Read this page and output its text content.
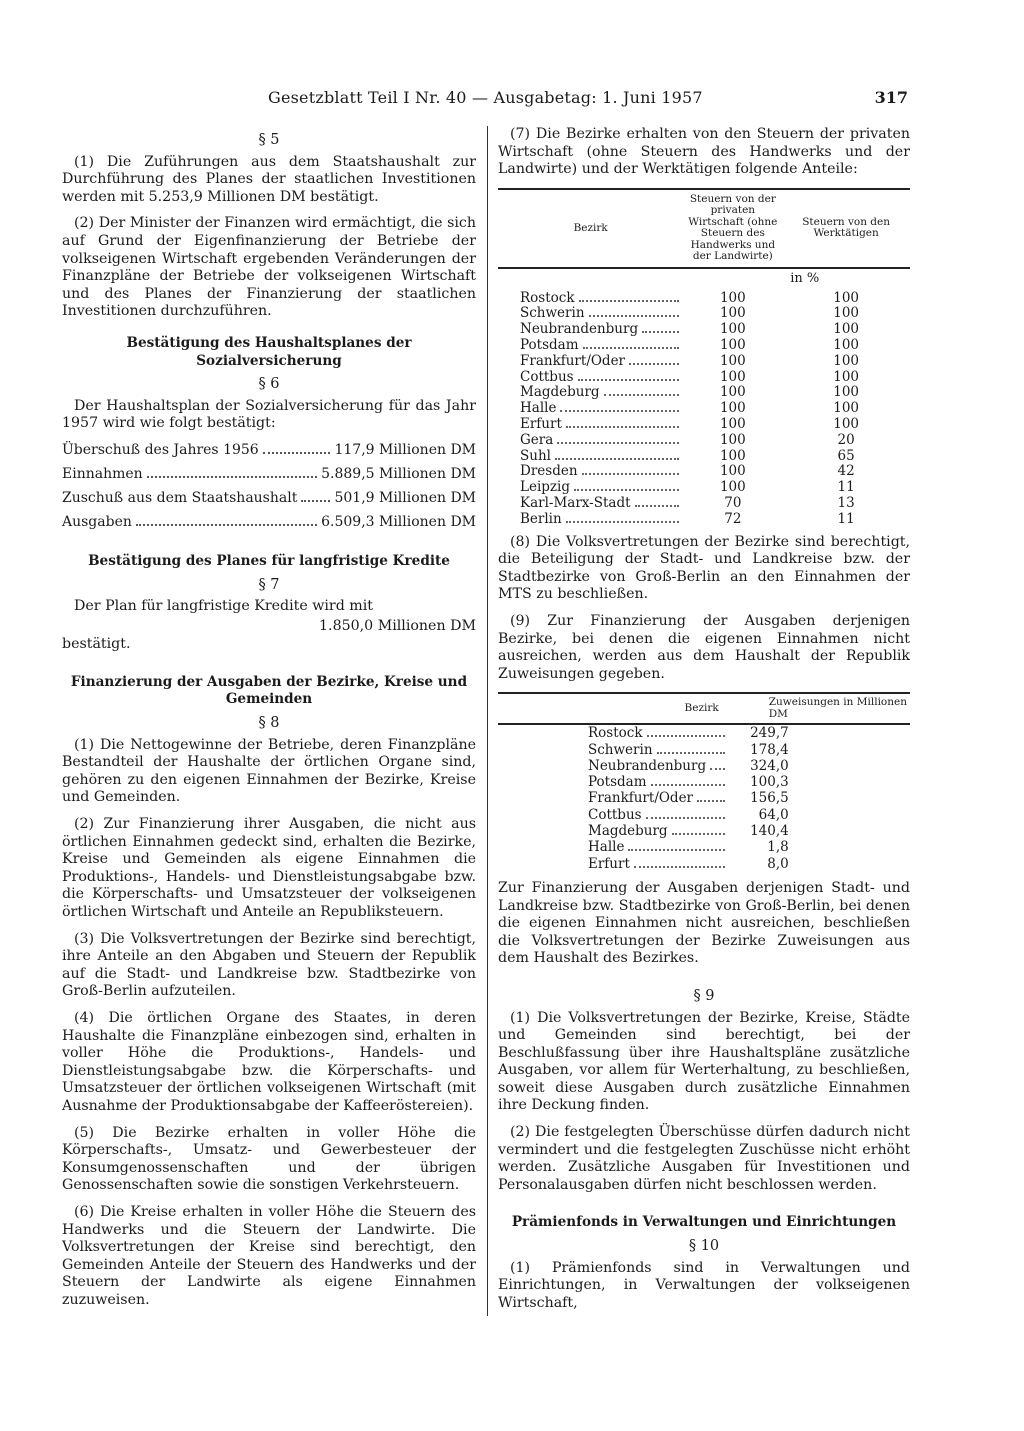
Gesetzblatt Teil I Nr. 40 — Ausgabetag: 1. Juni 1957	317
§ 5

(1) Die Zuführungen aus dem Staatshaushalt zur Durchführung des Planes der staatlichen Investitionen werden mit 5.253,9 Millionen DM bestätigt.

(2) Der Minister der Finanzen wird ermächtigt, die sich auf Grund der Eigenfinanzierung der Betriebe der volkseigenen Wirtschaft ergebenden Veränderungen der Finanzpläne der Betriebe der volkseigenen Wirtschaft und des Planes der Finanzierung der staatlichen Investitionen durchzuführen.

Bestätigung des Haushaltsplanes der Sozialversicherung
§ 6

Der Haushaltsplan der Sozialversicherung für das Jahr 1957 wird wie folgt bestätigt:

Überschuß des Jahres 1956	117,9 Millionen DM
Einnahmen	5.889,5 Millionen DM
Zuschuß aus dem Staatshaushalt	501,9 Millionen DM
Ausgaben	6.509,3 Millionen DM
Bestätigung des Planes für langfristige Kredite
§ 7

Der Plan für langfristige Kredite wird mit

1.850,0 Millionen DM

bestätigt.

Finanzierung der Ausgaben der Bezirke, Kreise und Gemeinden
§ 8

(1) Die Nettogewinne der Betriebe, deren Finanzpläne Bestandteil der Haushalte der örtlichen Organe sind, gehören zu den eigenen Einnahmen der Bezirke, Kreise und Gemeinden.

(2) Zur Finanzierung ihrer Ausgaben, die nicht aus örtlichen Einnahmen gedeckt sind, erhalten die Bezirke, Kreise und Gemeinden als eigene Einnahmen die Produktions-, Handels- und Dienstleistungsabgabe bzw. die Körperschafts- und Umsatzsteuer der volkseigenen örtlichen Wirtschaft und Anteile an Republiksteuern.

(3) Die Volksvertretungen der Bezirke sind berechtigt, ihre Anteile an den Abgaben und Steuern der Republik auf die Stadt- und Landkreise bzw. Stadtbezirke von Groß-Berlin aufzuteilen.

(4) Die örtlichen Organe des Staates, in deren Haushalte die Finanzpläne einbezogen sind, erhalten in voller Höhe die Produktions-, Handels- und Dienstleistungsabgabe bzw. die Körperschafts- und Umsatzsteuer der örtlichen volkseigenen Wirtschaft (mit Ausnahme der Produktionsabgabe der Kaffeeröstereien).

(5) Die Bezirke erhalten in voller Höhe die Körperschafts-, Umsatz- und Gewerbesteuer der Konsumgenossenschaften und der übrigen Genossenschaften sowie die sonstigen Verkehrsteuern.

(6) Die Kreise erhalten in voller Höhe die Steuern des Handwerks und die Steuern der Landwirte. Die Volksvertretungen der Kreise sind berechtigt, den Gemeinden Anteile der Steuern des Handwerks und der Steuern der Landwirte als eigene Einnahmen zuzuweisen.

(7) Die Bezirke erhalten von den Steuern der privaten Wirtschaft (ohne Steuern des Handwerks und der Landwirte) und der Werktätigen folgende Anteile:

Bezirk	Steuern von der privaten Wirtschaft (ohne Steuern des Handwerks und der Landwirte)	Steuern von den Werktätigen
		in %

Rostock	100	100

Schwerin	100	100

Neubrandenburg	100	100

Potsdam	100	100

Frankfurt/Oder	100	100

Cottbus	100	100

Magdeburg	100	100

Halle	100	100

Erfurt	100	100

Gera	100	20

Suhl	100	65

Dresden	100	42

Leipzig	100	11

Karl-Marx-Stadt	70	13

Berlin	72	11

(8) Die Volksvertretungen der Bezirke sind berechtigt, die Beteiligung der Stadt- und Landkreise bzw. der Stadtbezirke von Groß-Berlin an den Einnahmen der MTS zu beschließen.

(9) Zur Finanzierung der Ausgaben derjenigen Bezirke, bei denen die eigenen Einnahmen nicht ausreichen, werden aus dem Haushalt der Republik Zuweisungen gegeben.

Bezirk	Zuweisungen in Millionen DM

Rostock	249,7

Schwerin	178,4

Neubrandenburg	324,0

Potsdam	100,3

Frankfurt/Oder	156,5

Cottbus	64,0

Magdeburg	140,4

Halle	1,8

Erfurt	8,0

Zur Finanzierung der Ausgaben derjenigen Stadt- und Landkreise bzw. Stadtbezirke von Groß-Berlin, bei denen die eigenen Einnahmen nicht ausreichen, beschließen die Volksvertretungen der Bezirke Zuweisungen aus dem Haushalt des Bezirkes.

§ 9

(1) Die Volksvertretungen der Bezirke, Kreise, Städte und Gemeinden sind berechtigt, bei der Beschlußfassung über ihre Haushaltspläne zusätzliche Ausgaben, vor allem für Werterhaltung, zu beschließen, soweit diese Ausgaben durch zusätzliche Einnahmen ihre Deckung finden.

(2) Die festgelegten Überschüsse dürfen dadurch nicht vermindert und die festgelegten Zuschüsse nicht erhöht werden. Zusätzliche Ausgaben für Investitionen und Personalausgaben dürfen nicht beschlossen werden.

Prämienfonds in Verwaltungen und Einrichtungen
§ 10

(1) Prämienfonds sind in Verwaltungen und Einrichtungen, in Verwaltungen der volkseigenen Wirtschaft,
